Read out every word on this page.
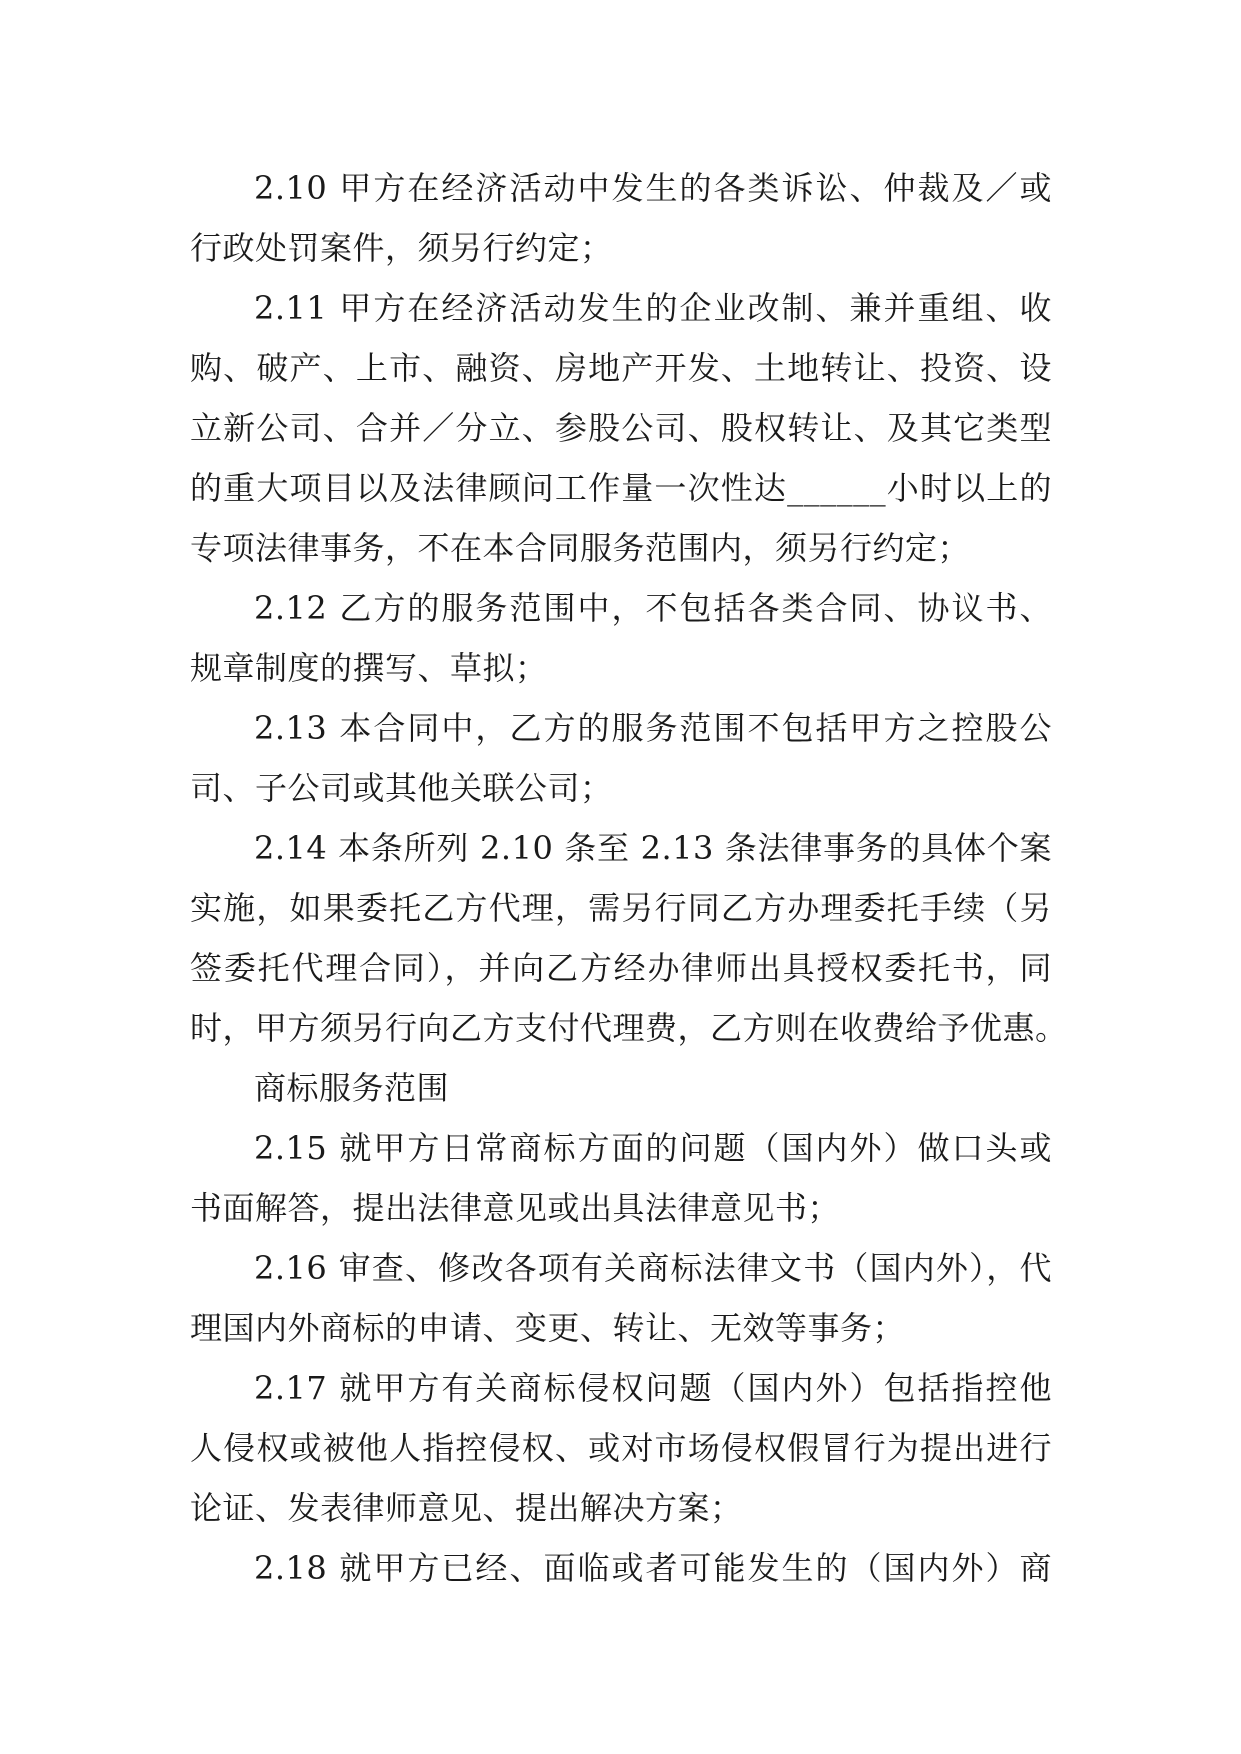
2.10 甲方在经济活动中发生的各类诉讼、仲裁及／或
行政处罚案件，须另行约定；
2.11 甲方在经济活动发生的企业改制、兼并重组、收
购、破产、上市、融资、房地产开发、土地转让、投资、设
立新公司、合并／分立、参股公司、股权转让、及其它类型
的重大项目以及法律顾问工作量一次性达______小时以上的
专项法律事务，不在本合同服务范围内，须另行约定；
2.12 乙方的服务范围中，不包括各类合同、协议书、
规章制度的撰写、草拟；
2.13 本合同中，乙方的服务范围不包括甲方之控股公
司、子公司或其他关联公司；
2.14 本条所列 2.10 条至 2.13 条法律事务的具体个案
实施，如果委托乙方代理，需另行同乙方办理委托手续（另
签委托代理合同），并向乙方经办律师出具授权委托书，同
时，甲方须另行向乙方支付代理费，乙方则在收费给予优惠。
商标服务范围
2.15 就甲方日常商标方面的问题（国内外）做口头或
书面解答，提出法律意见或出具法律意见书；
2.16 审查、修改各项有关商标法律文书（国内外），代
理国内外商标的申请、变更、转让、无效等事务；
2.17 就甲方有关商标侵权问题（国内外）包括指控他
人侵权或被他人指控侵权、或对市场侵权假冒行为提出进行
论证、发表律师意见、提出解决方案；
2.18 就甲方已经、面临或者可能发生的（国内外）商
